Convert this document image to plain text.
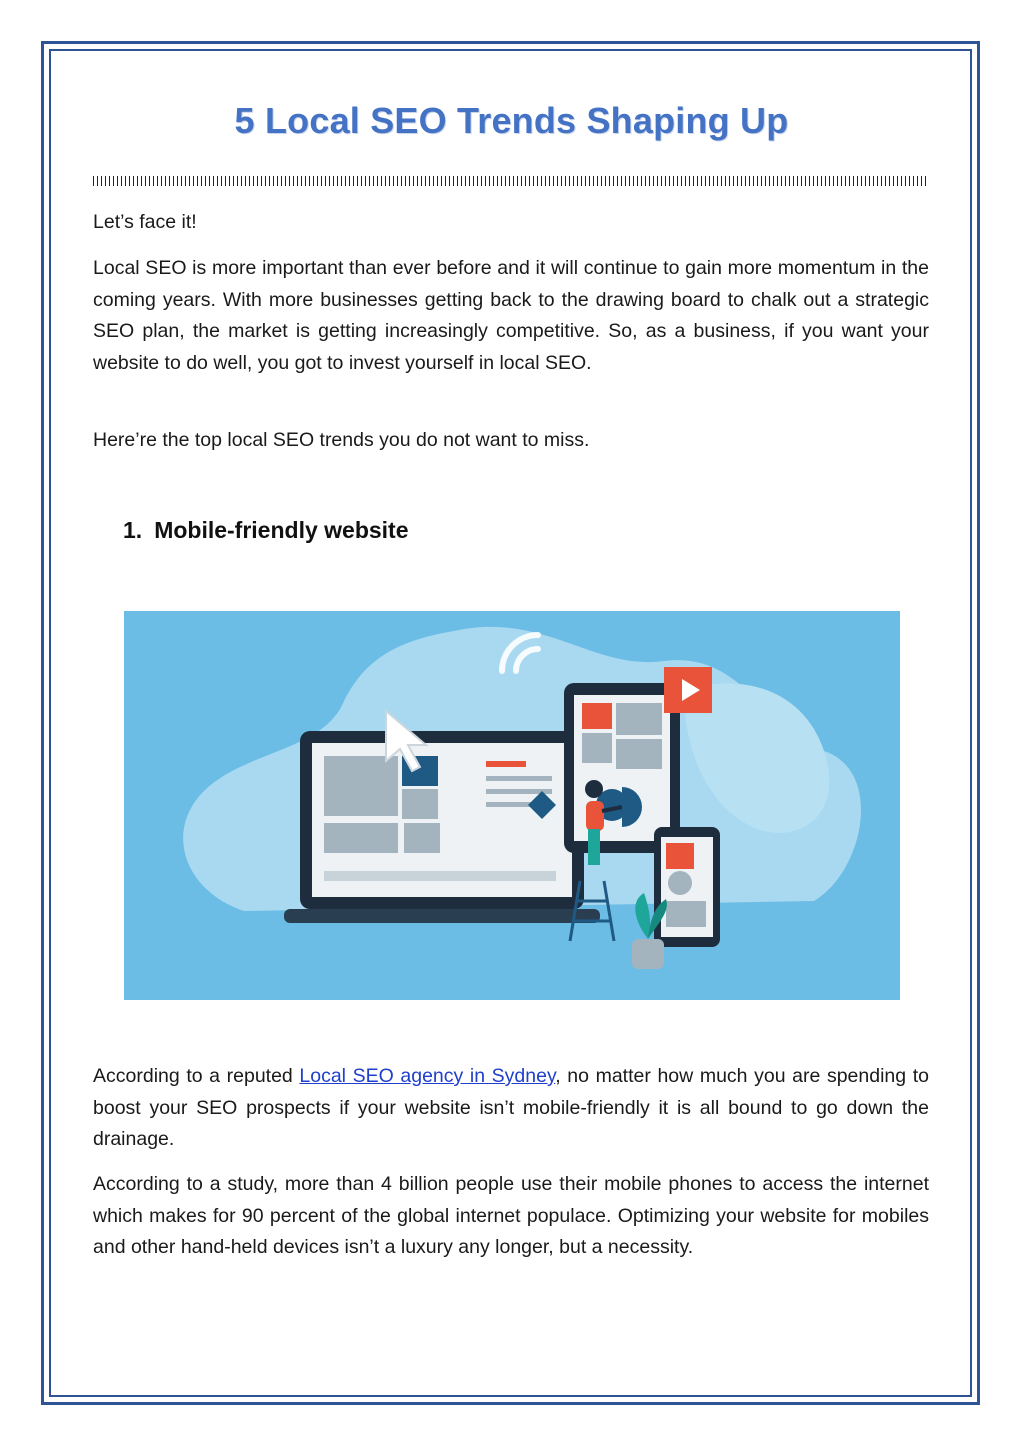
5 Local SEO Trends Shaping Up

Let’s face it!

Local SEO is more important than ever before and it will continue to gain more momentum in the coming years. With more businesses getting back to the drawing board to chalk out a strategic SEO plan, the market is getting increasingly competitive. So, as a business, if you want your website to do well, you got to invest yourself in local SEO.

Here’re the top local SEO trends you do not want to miss.

1. Mobile-friendly website

According to a reputed Local SEO agency in Sydney, no matter how much you are spending to boost your SEO prospects if your website isn’t mobile-friendly it is all bound to go down the drainage.

According to a study, more than 4 billion people use their mobile phones to access the internet which makes for 90 percent of the global internet populace. Optimizing your website for mobiles and other hand-held devices isn’t a luxury any longer, but a necessity.
